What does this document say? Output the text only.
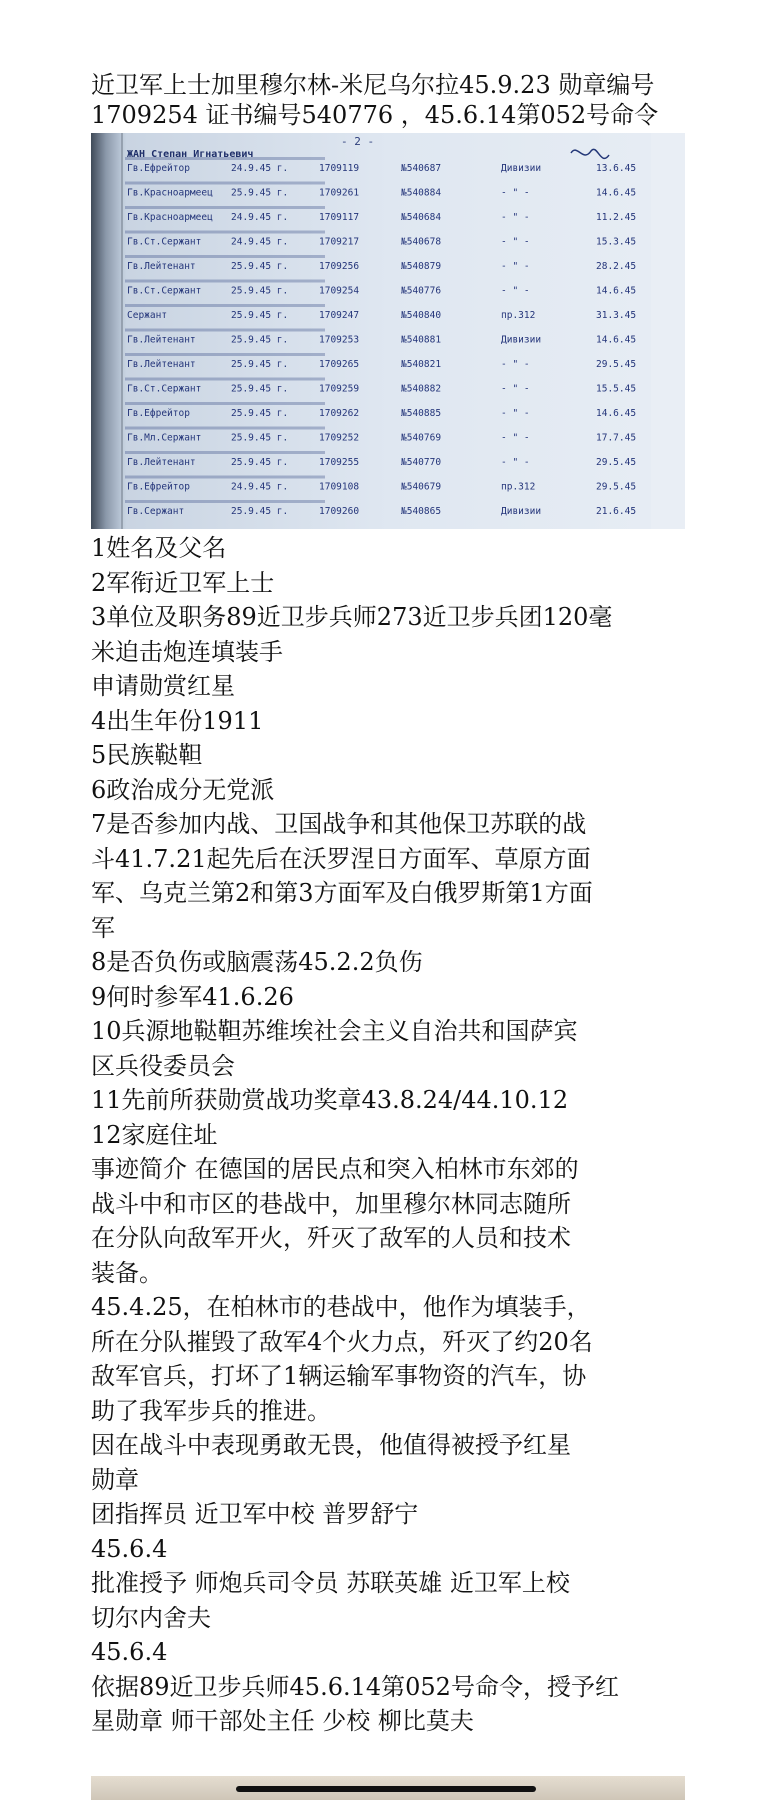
近卫军上士加里穆尔林-米尼乌尔拉45.9.23 勋章编号1709254 证书编号540776 ，45.6.14第052号命令

- 2 -
ЖАН Степан Игнатьевич
Гв.Ефрейтор	24.9.45 г.	1709119	№540687	Дивизии	13.6.45
Гв.Красноармеец 25.9.45 г.	1709261	№540884	- " -	14.6.45
Гв.Красноармеец 24.9.45 г.	1709117	№540684	- " -	11.2.45
Гв.Ст.Сержант	24.9.45 г.	1709217	№540678	- " -	15.3.45
Гв.Лейтенант	25.9.45 г.	1709256	№540879	- " -	28.2.45
Гв.Ст.Сержант	25.9.45 г.	1709254	№540776	- " -	14.6.45
Сержант	25.9.45 г.	1709247	№540840	пр.312	31.3.45
Гв.Лейтенант	25.9.45 г.	1709253	№540881	Дивизии	14.6.45
Гв.Лейтенант	25.9.45 г.	1709265	№540821	- " -	29.5.45
Гв.Ст.Сержант	25.9.45 г.	1709259	№540882	- " -	15.5.45
Гв.Ефрейтор	25.9.45 г.	1709262	№540885	- " -	14.6.45
Гв.Мл.Сержант	25.9.45 г.	1709252	№540769	- " -	17.7.45
Гв.Лейтенант	25.9.45 г.	1709255	№540770	- " -	29.5.45
Гв.Ефрейтор	24.9.45 г.	1709108	№540679	пр.312	29.5.45
Гв.Сержант	25.9.45 г.	1709260	№540865	Дивизии	21.6.45

1姓名及父名

2军衔近卫军上士

3单位及职务89近卫步兵师273近卫步兵团120毫

米迫击炮连填装手

申请勋赏红星

4出生年份1911

5民族鞑靼

6政治成分无党派

7是否参加内战、卫国战争和其他保卫苏联的战

斗41.7.21起先后在沃罗涅日方面军、草原方面

军、乌克兰第2和第3方面军及白俄罗斯第1方面

军

8是否负伤或脑震荡45.2.2负伤

9何时参军41.6.26

10兵源地鞑靼苏维埃社会主义自治共和国萨宾

区兵役委员会

11先前所获勋赏战功奖章43.8.24/44.10.12

12家庭住址

事迹简介 在德国的居民点和突入柏林市东郊的

战斗中和市区的巷战中，加里穆尔林同志随所

在分队向敌军开火，歼灭了敌军的人员和技术

装备。

45.4.25，在柏林市的巷战中，他作为填装手，

所在分队摧毁了敌军4个火力点，歼灭了约20名

敌军官兵，打坏了1辆运输军事物资的汽车，协

助了我军步兵的推进。

因在战斗中表现勇敢无畏，他值得被授予红星

勋章

团指挥员 近卫军中校 普罗舒宁

45.6.4

批准授予 师炮兵司令员 苏联英雄 近卫军上校

切尔内舍夫

45.6.4

依据89近卫步兵师45.6.14第052号命令，授予红

星勋章 师干部处主任 少校 柳比莫夫
